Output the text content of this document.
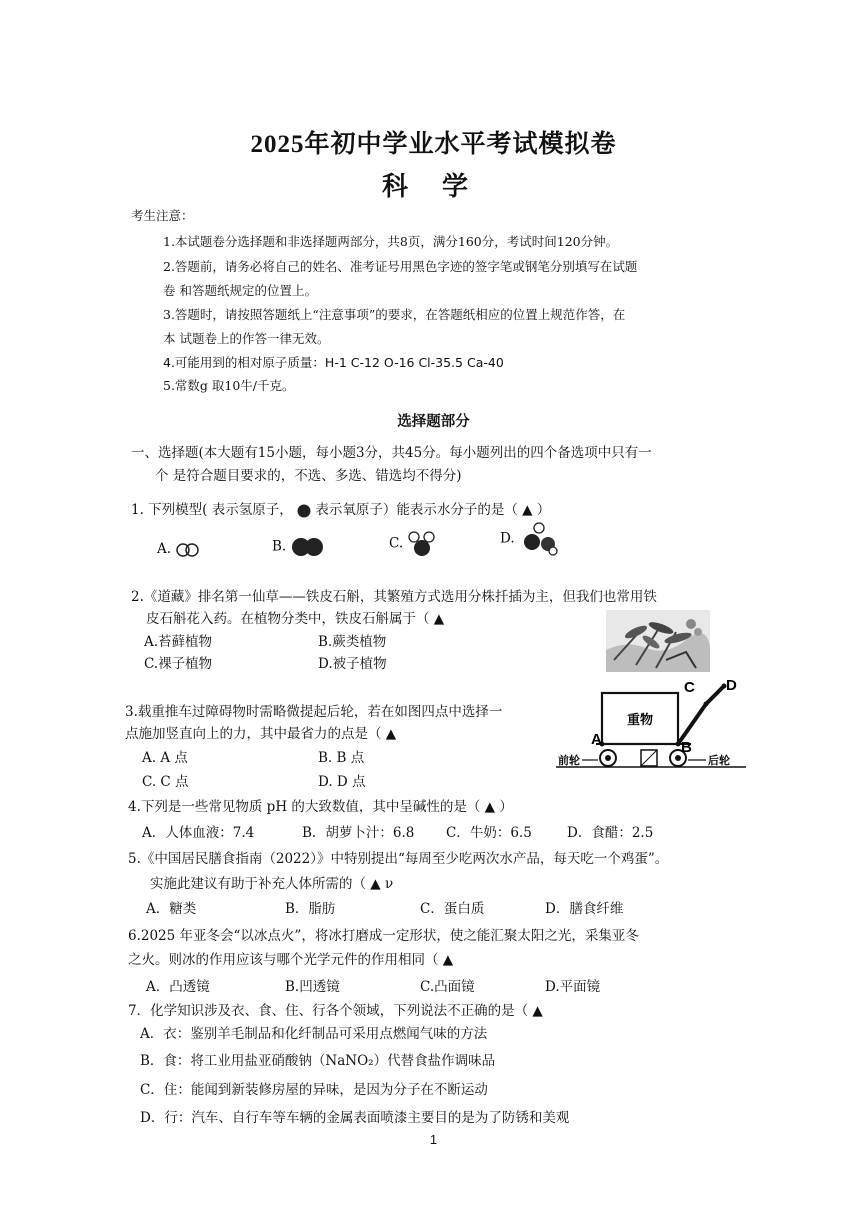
2025年初中学业水平考试模拟卷
科学
考生注意：
1.本试题卷分选择题和非选择题两部分，共8页，满分160分，考试时间120分钟。
2.答题前，请务必将自己的姓名、准考证号用黑色字迹的签字笔或钢笔分别填写在试题
卷 和答题纸规定的位置上。
3.答题时，请按照答题纸上“注意事项”的要求，在答题纸相应的位置上规范作答，在
本 试题卷上的作答一律无效。
4.可能用到的相对原子质量：H-1 C-12 O-16 Cl-35.5 Ca-40
5.常数g 取10牛/千克。
选择题部分
一、选择题(本大题有15小题，每小题3分，共45分。每小题列出的四个备选项中只有一
个 是符合题目要求的，不选、多选、错选均不得分)
1. 下列模型( 表示氢原子， 表示氧原子）能表示水分子的是（ ▲ ）
A.	B.	C.	D.
2.《道藏》排名第一仙草——铁皮石斛，其繁殖方式选用分株扦插为主，但我们也常用铁
皮石斛花入药。在植物分类中，铁皮石斛属于（ ▲
A.苔藓植物	B.蕨类植物
C.裸子植物	D.被子植物
3.载重推车过障碍物时需略微提起后轮，若在如图四点中选择一
点施加竖直向上的力，其中最省力的点是（ ▲
A. A 点	B. B 点
C. C 点	D. D 点
重物
A	B
C D
前轮	后轮
4.下列是一些常见物质 pH 的大致数值，其中呈碱性的是（ ▲ ）
A．人体血液：7.4	B．胡萝卜汁：6.8 C．牛奶：6.5	D．食醋：2.5
5.《中国居民膳食指南（2022）》中特别提出“每周至少吃两次水产品，每天吃一个鸡蛋”。
实施此建议有助于补充人体所需的（ ▲ ν
A．糖类	B．脂肪	C．蛋白质	D．膳食纤维
6.2025 年亚冬会“以冰点火”，将冰打磨成一定形状，使之能汇聚太阳之光，采集亚冬
之火。则冰的作用应该与哪个光学元件的作用相同（ ▲
A．凸透镜	B.凹透镜	C.凸面镜	D.平面镜
7．化学知识涉及衣、食、住、行各个领域，下列说法不正确的是（ ▲
A．衣：鉴别羊毛制品和化纤制品可采用点燃闻气味的方法
B．食：将工业用盐亚硝酸钠（NaNO₂）代替食盐作调味品
C．住：能闻到新装修房屋的异味，是因为分子在不断运动
D．行：汽车、自行车等车辆的金属表面喷漆主要目的是为了防锈和美观
1
